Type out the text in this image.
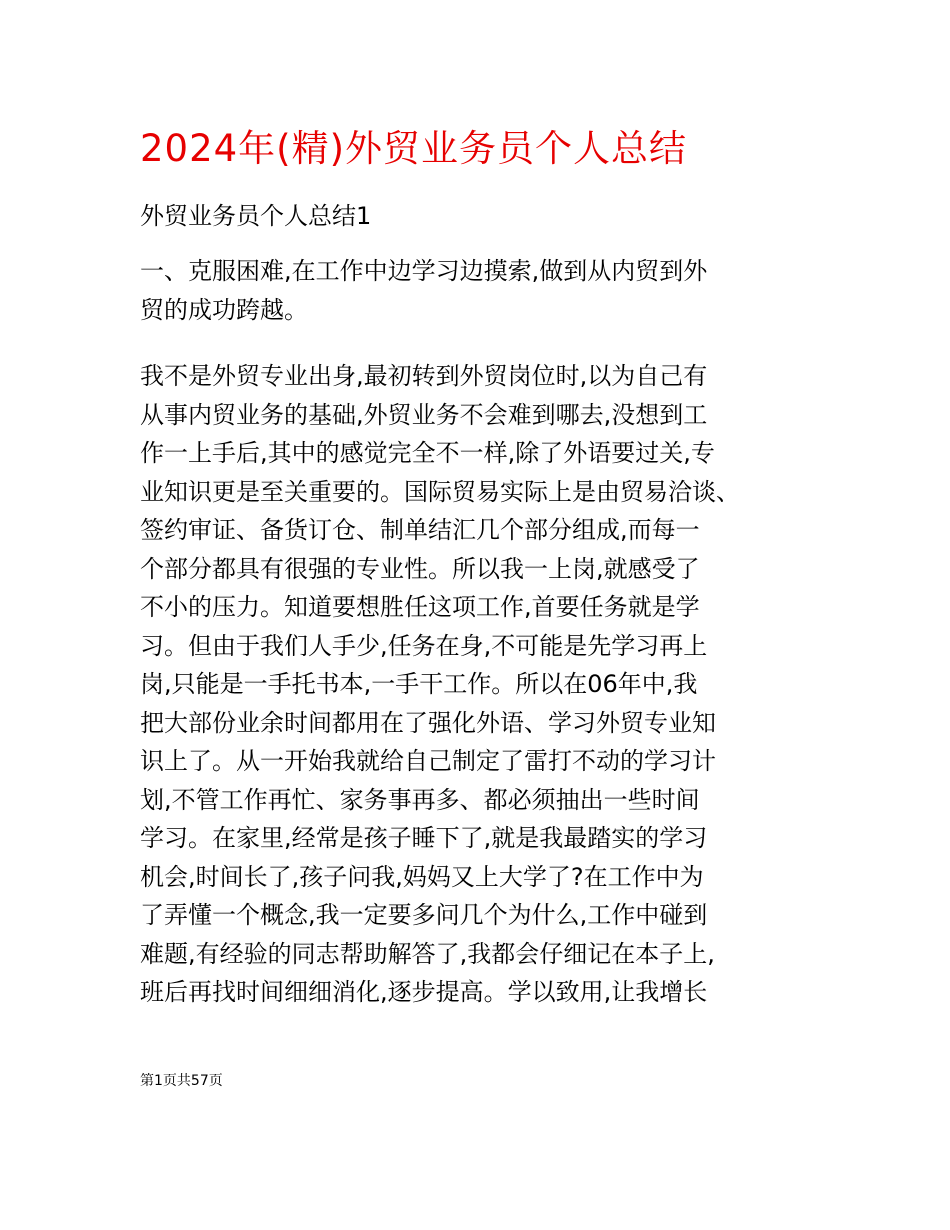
2024年(精)外贸业务员个人总结

外贸业务员个人总结1

一、克服困难,在工作中边学习边摸索,做到从内贸到外
贸的成功跨越。
我不是外贸专业出身,最初转到外贸岗位时,以为自己有
从事内贸业务的基础,外贸业务不会难到哪去,没想到工
作一上手后,其中的感觉完全不一样,除了外语要过关,专
业知识更是至关重要的。国际贸易实际上是由贸易洽谈、
签约审证、备货订仓、制单结汇几个部分组成,而每一
个部分都具有很强的专业性。所以我一上岗,就感受了
不小的压力。知道要想胜任这项工作,首要任务就是学
习。但由于我们人手少,任务在身,不可能是先学习再上
岗,只能是一手托书本,一手干工作。所以在06年中,我
把大部份业余时间都用在了强化外语、学习外贸专业知
识上了。从一开始我就给自己制定了雷打不动的学习计
划,不管工作再忙、家务事再多、都必须抽出一些时间
学习。在家里,经常是孩子睡下了,就是我最踏实的学习
机会,时间长了,孩子问我,妈妈又上大学了?在工作中为
了弄懂一个概念,我一定要多问几个为什么,工作中碰到
难题,有经验的同志帮助解答了,我都会仔细记在本子上,
班后再找时间细细消化,逐步提高。学以致用,让我增长

第1页共57页
